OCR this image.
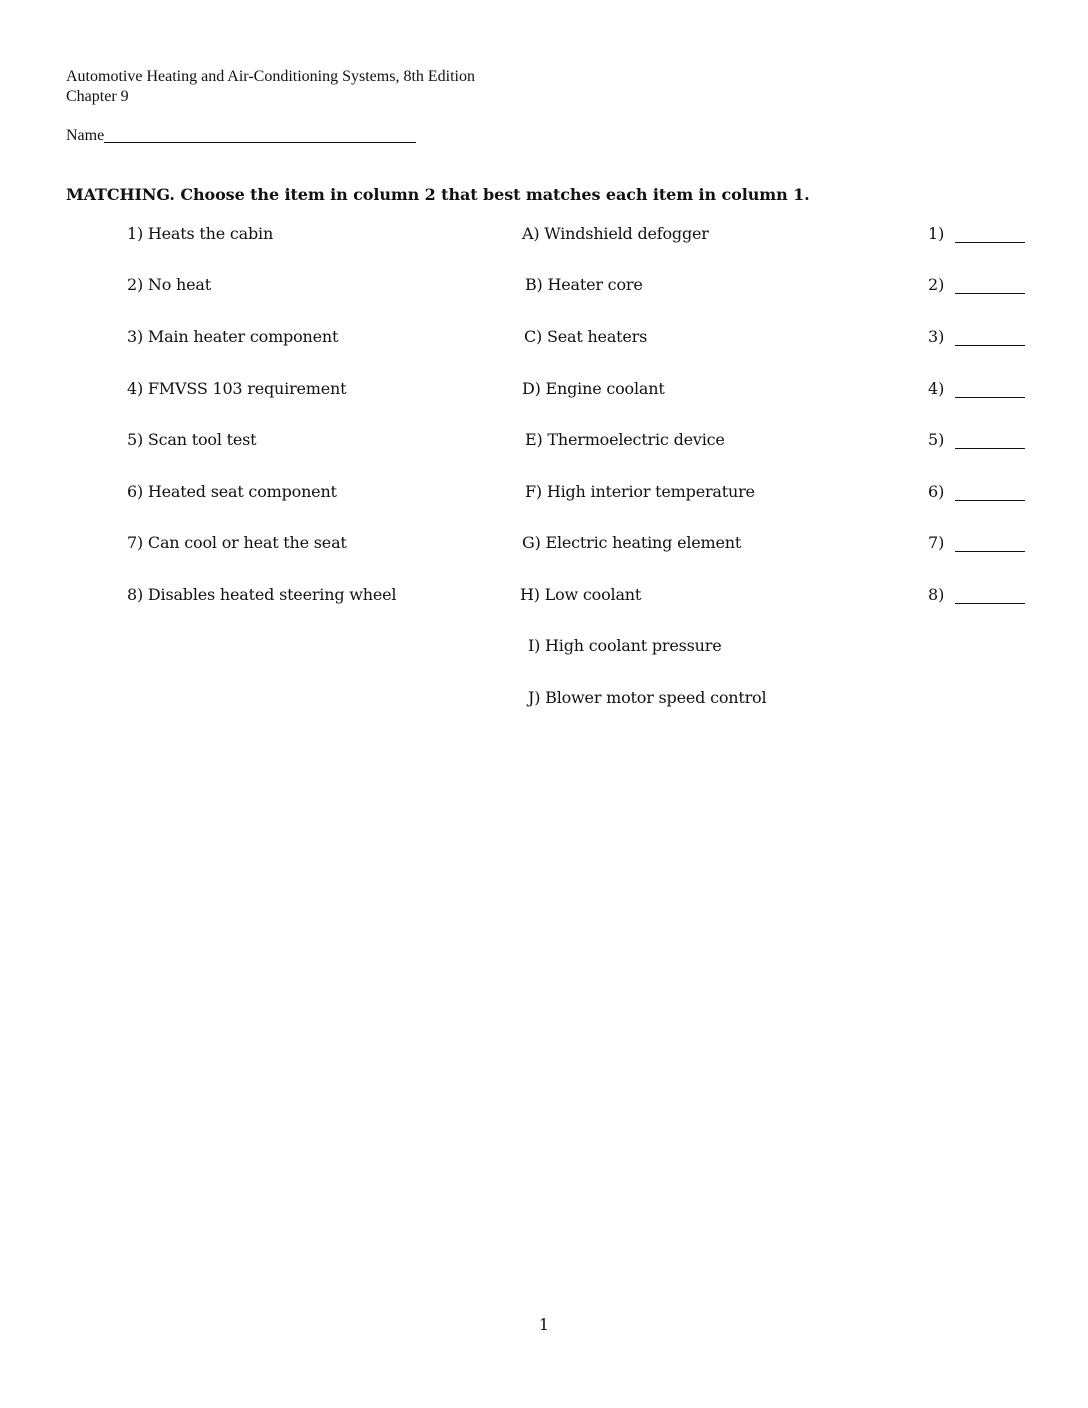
Automotive Heating and Air-Conditioning Systems, 8th Edition
Chapter 9
Name
MATCHING. Choose the item in column 2 that best matches each item in column 1.
1) Heats the cabin
2) No heat
3) Main heater component
4) FMVSS 103 requirement
5) Scan tool test
6) Heated seat component
7) Can cool or heat the seat
8) Disables heated steering wheel
A) Windshield defogger
B) Heater core
C) Seat heaters
D) Engine coolant
E) Thermoelectric device
F) High interior temperature
G) Electric heating element
H) Low coolant
I) High coolant pressure
J) Blower motor speed control
1)
2)
3)
4)
5)
6)
7)
8)
1
